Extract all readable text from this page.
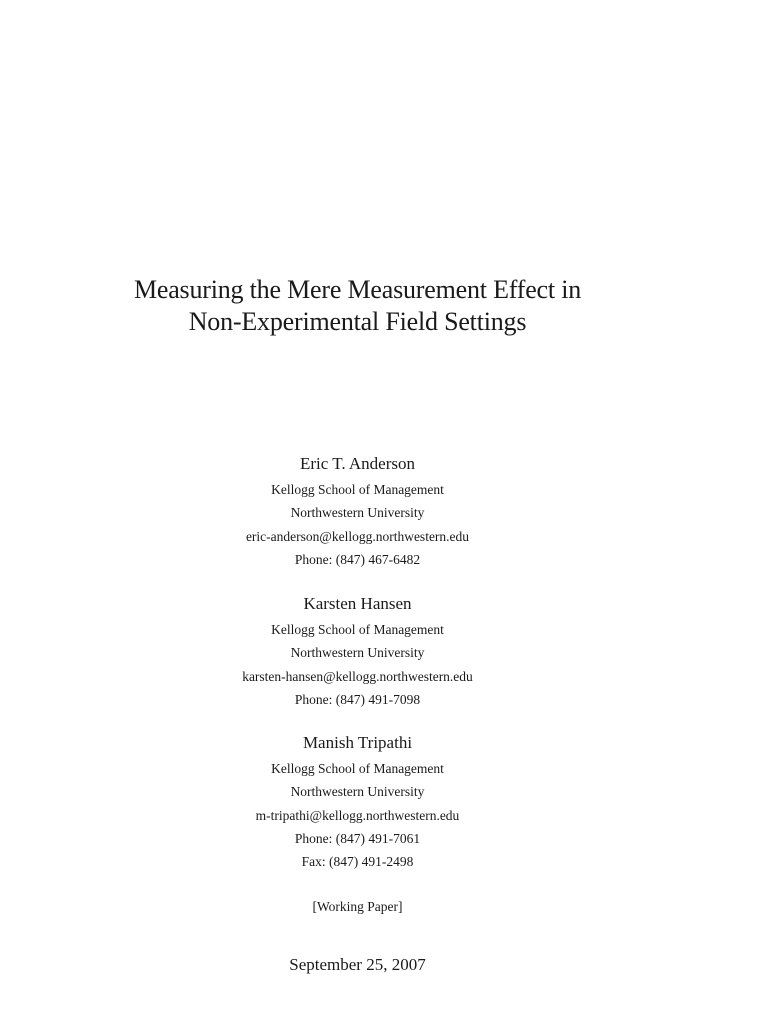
Measuring the Mere Measurement Effect in
Non-Experimental Field Settings
Eric T. Anderson
Kellogg School of Management
Northwestern University
eric-anderson@kellogg.northwestern.edu
Phone: (847) 467-6482
Karsten Hansen
Kellogg School of Management
Northwestern University
karsten-hansen@kellogg.northwestern.edu
Phone: (847) 491-7098
Manish Tripathi
Kellogg School of Management
Northwestern University
m-tripathi@kellogg.northwestern.edu
Phone: (847) 491-7061
Fax: (847) 491-2498
[Working Paper]
September 25, 2007
